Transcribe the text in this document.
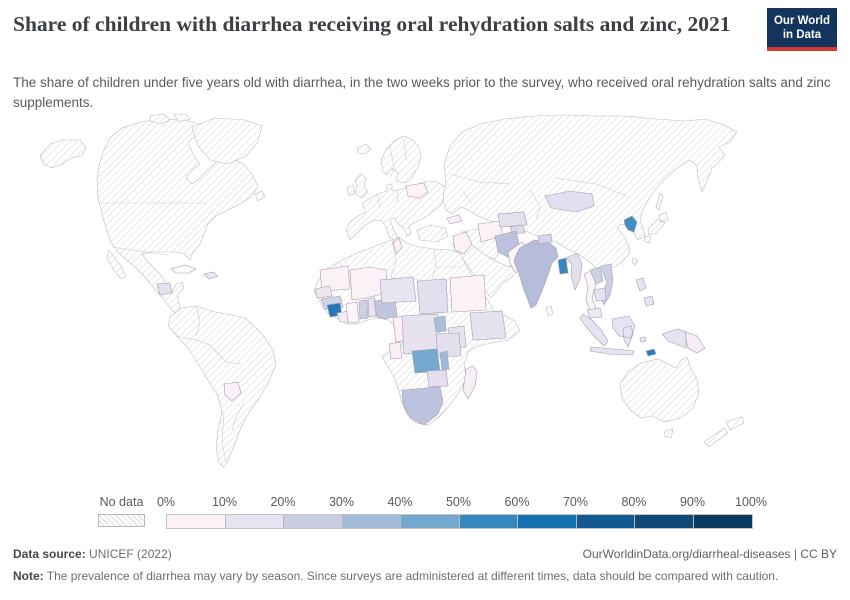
Share of children with diarrhea receiving oral rehydration salts and zinc, 2021
The share of children under five years old with diarrhea, in the two weeks prior to the survey, who received oral rehydration salts and zinc supplements.
Our World
in Data
No data 0%	10%	20%	30%	40%	50%	60%	70%	80%	90% 100%
Data source: UNICEF (2022)	OurWorldinData.org/diarrheal-diseases | CC BY
Note: The prevalence of diarrhea may vary by season. Since surveys are administered at different times, data should be compared with caution.
